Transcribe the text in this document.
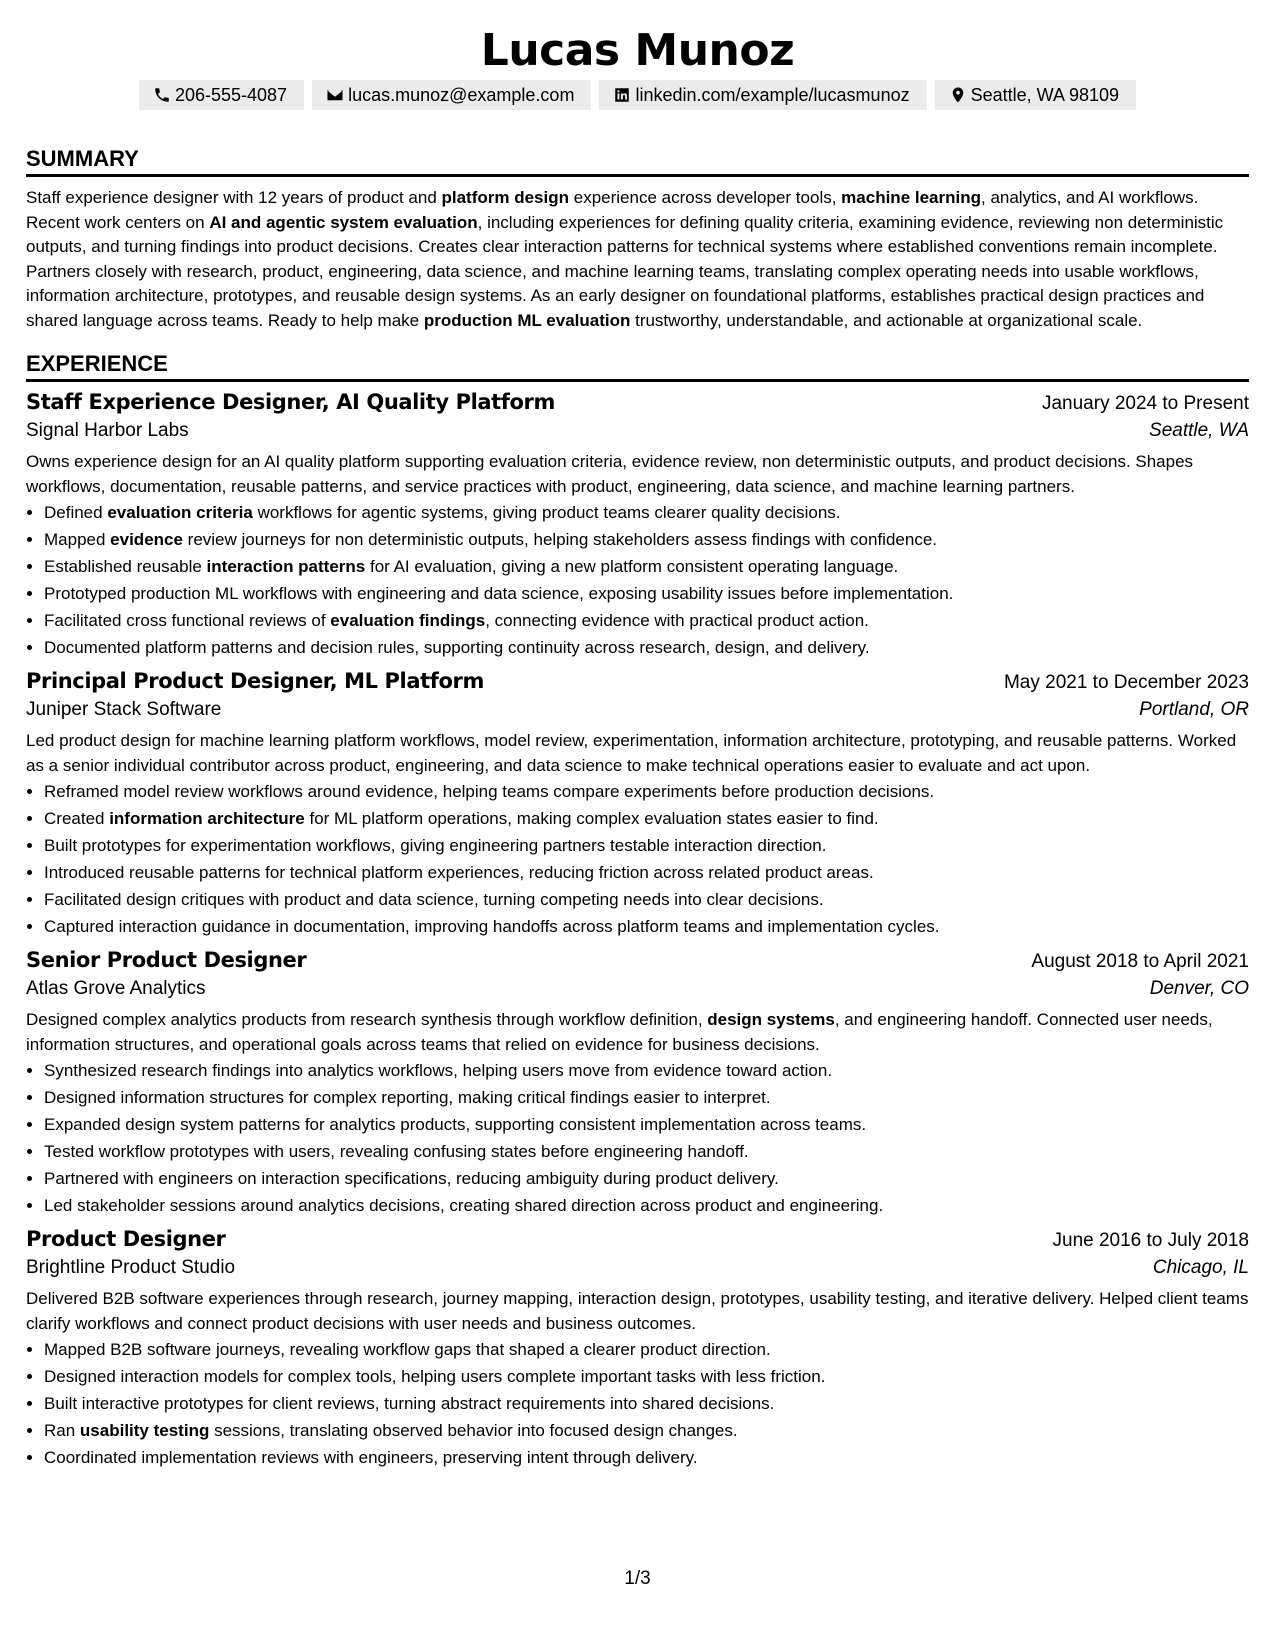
Lucas Munoz
206-555-4087	lucas.munoz@example.com	linkedin.com/example/lucasmunoz	Seattle, WA 98109
SUMMARY
Staff experience designer with 12 years of product and platform design experience across developer tools, machine learning, analytics, and AI workflows. Recent work centers on AI and agentic system evaluation, including experiences for defining quality criteria, examining evidence, reviewing non deterministic outputs, and turning findings into product decisions. Creates clear interaction patterns for technical systems where established conventions remain incomplete. Partners closely with research, product, engineering, data science, and machine learning teams, translating complex operating needs into usable workflows, information architecture, prototypes, and reusable design systems. As an early designer on foundational platforms, establishes practical design practices and shared language across teams. Ready to help make production ML evaluation trustworthy, understandable, and actionable at organizational scale.
EXPERIENCE
Staff Experience Designer, AI Quality Platform	January 2024 to Present
Signal Harbor Labs	Seattle, WA
Owns experience design for an AI quality platform supporting evaluation criteria, evidence review, non deterministic outputs, and product decisions. Shapes workflows, documentation, reusable patterns, and service practices with product, engineering, data science, and machine learning partners.
• Defined evaluation criteria workflows for agentic systems, giving product teams clearer quality decisions.
• Mapped evidence review journeys for non deterministic outputs, helping stakeholders assess findings with confidence.
• Established reusable interaction patterns for AI evaluation, giving a new platform consistent operating language.
• Prototyped production ML workflows with engineering and data science, exposing usability issues before implementation.
• Facilitated cross functional reviews of evaluation findings, connecting evidence with practical product action.
• Documented platform patterns and decision rules, supporting continuity across research, design, and delivery.
Principal Product Designer, ML Platform	May 2021 to December 2023
Juniper Stack Software	Portland, OR
Led product design for machine learning platform workflows, model review, experimentation, information architecture, prototyping, and reusable patterns. Worked as a senior individual contributor across product, engineering, and data science to make technical operations easier to evaluate and act upon.
• Reframed model review workflows around evidence, helping teams compare experiments before production decisions.
• Created information architecture for ML platform operations, making complex evaluation states easier to find.
• Built prototypes for experimentation workflows, giving engineering partners testable interaction direction.
• Introduced reusable patterns for technical platform experiences, reducing friction across related product areas.
• Facilitated design critiques with product and data science, turning competing needs into clear decisions.
• Captured interaction guidance in documentation, improving handoffs across platform teams and implementation cycles.
Senior Product Designer	August 2018 to April 2021
Atlas Grove Analytics	Denver, CO
Designed complex analytics products from research synthesis through workflow definition, design systems, and engineering handoff. Connected user needs, information structures, and operational goals across teams that relied on evidence for business decisions.
• Synthesized research findings into analytics workflows, helping users move from evidence toward action.
• Designed information structures for complex reporting, making critical findings easier to interpret.
• Expanded design system patterns for analytics products, supporting consistent implementation across teams.
• Tested workflow prototypes with users, revealing confusing states before engineering handoff.
• Partnered with engineers on interaction specifications, reducing ambiguity during product delivery.
• Led stakeholder sessions around analytics decisions, creating shared direction across product and engineering.
Product Designer	June 2016 to July 2018
Brightline Product Studio	Chicago, IL
Delivered B2B software experiences through research, journey mapping, interaction design, prototypes, usability testing, and iterative delivery. Helped client teams clarify workflows and connect product decisions with user needs and business outcomes.
• Mapped B2B software journeys, revealing workflow gaps that shaped a clearer product direction.
• Designed interaction models for complex tools, helping users complete important tasks with less friction.
• Built interactive prototypes for client reviews, turning abstract requirements into shared decisions.
• Ran usability testing sessions, translating observed behavior into focused design changes.
• Coordinated implementation reviews with engineers, preserving intent through delivery.
1/3
